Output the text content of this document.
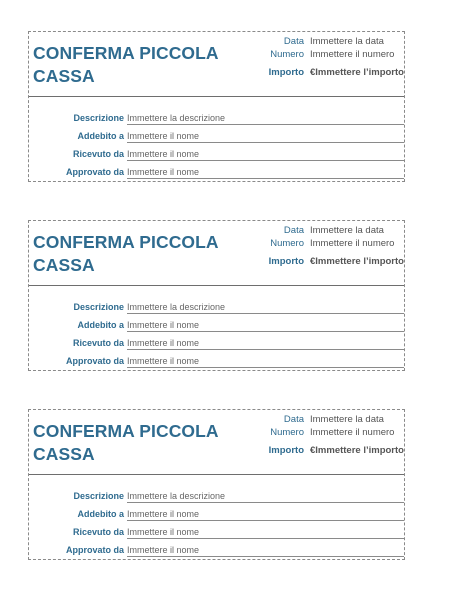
CONFERMA PICCOLA CASSA
Data Immettere la data
Numero Immettere il numero
Importo €Immettere l’importo
Descrizione Immettere la descrizione
Addebito a Immettere il nome
Ricevuto da Immettere il nome
Approvato da Immettere il nome
CONFERMA PICCOLA CASSA
Data Immettere la data
Numero Immettere il numero
Importo €Immettere l’importo
Descrizione Immettere la descrizione
Addebito a Immettere il nome
Ricevuto da Immettere il nome
Approvato da Immettere il nome
CONFERMA PICCOLA CASSA
Data Immettere la data
Numero Immettere il numero
Importo €Immettere l’importo
Descrizione Immettere la descrizione
Addebito a Immettere il nome
Ricevuto da Immettere il nome
Approvato da Immettere il nome
